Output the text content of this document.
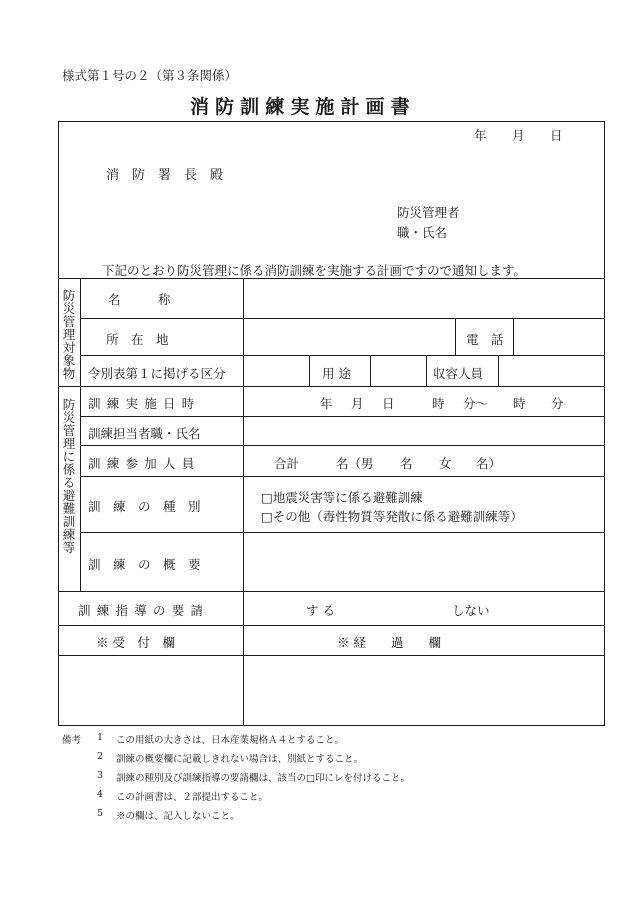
様式第１号の２（第３条関係）
消防訓練実施計画書
年 月 日
消　防　署　長　殿
防災管理者
職・氏名
下記のとおり防災管理に係る消防訓練を実施する計画ですので通知します。
防災管理対象物
防災管理に係る避難訓練等
名　　　称
所　在　地	電　話
令別表第１に掲げる区分	用 途	収容人員
訓練実施日時	年 月 日	時 分〜 時 分
訓練担当者職・氏名
訓練参加人員	合計	名（男 名 女 名）
訓　練　の　種　別
□地震災害等に係る避難訓練
□その他（毒性物質等発散に係る避難訓練等）
訓　練　の　概　要
訓練指導の要請	す る	しない
※ 受　付　欄	※ 経　　過　　欄
備考 1 この用紙の大きさは、日本産業規格Ａ４とすること。
2 訓練の概要欄に記載しきれない場合は、別紙とすること。
3 訓練の種別及び訓練指導の要請欄は、該当の□印にレを付けること。
4 この計画書は、２部提出すること。
5 ※の欄は、記入しないこと。
